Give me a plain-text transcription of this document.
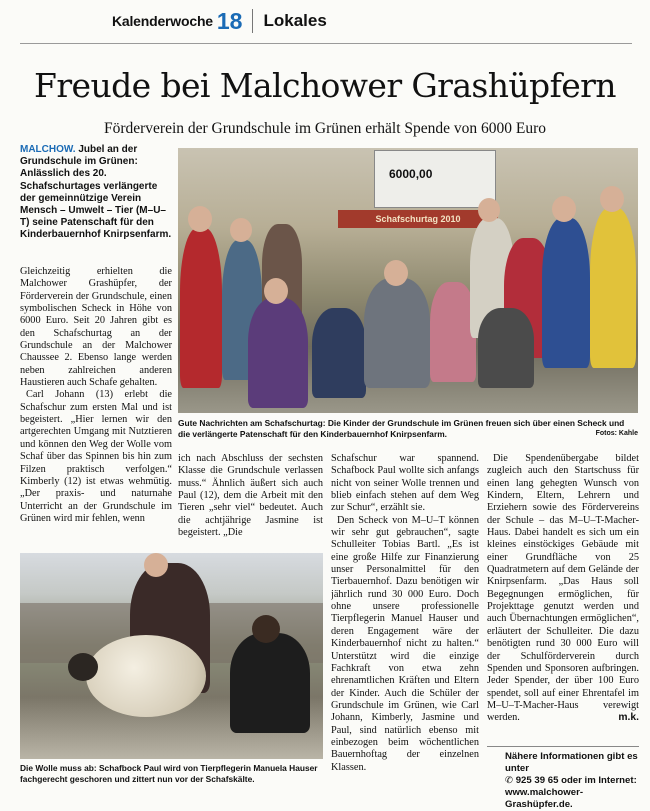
Kalenderwoche 18 Lokales
Freude bei Malchower Grashüpfern
Förderverein der Grundschule im Grünen erhält Spende von 6000 Euro
MALCHOW. Jubel an der Grundschule im Grünen: Anlässlich des 20. Schafschurtages verlängerte der gemeinnützige Verein Mensch – Umwelt – Tier (M–U–T) seine Patenschaft für den Kinderbauernhof Knirpsenfarm.

Gleichzeitig erhielten die Malchower Grashüpfer, der Förderverein der Grundschule, einen symbolischen Scheck in Höhe von 6000 Euro. Seit 20 Jahren gibt es den Schafschurtag an der Grundschule an der Malchower Chaussee 2. Ebenso lange werden neben zahlreichen anderen Haustieren auch Schafe gehalten.

Carl Johann (13) erlebt die Schafschur zum ersten Mal und ist begeistert. „Hier lernen wir den artgerechten Umgang mit Nutztieren und können den Weg der Wolle vom Schaf über das Spinnen bis hin zum Filzen praktisch verfolgen.“ Kimberly (12) ist etwas wehmütig. „Der praxis- und naturnahe Unterricht an der Grundschule im Grünen wird mir fehlen, wenn

6000,00
Schafschurtag 2010
Gute Nachrichten am Schafschurtag: Die Kinder der Grundschule im Grünen freuen sich über einen Scheck und die verlängerte Patenschaft für den Kinderbauernhof Knirpsenfarm.	Fotos: Kahle

ich nach Abschluss der sechsten Klasse die Grundschule verlassen muss.“ Ähnlich äußert sich auch Paul (12), dem die Arbeit mit den Tieren „sehr viel“ bedeutet. Auch die achtjährige Jasmine ist begeistert. „Die

Schafschur war spannend. Schafbock Paul wollte sich anfangs nicht von seiner Wolle trennen und blieb einfach stehen auf dem Weg zur Schur“, erzählt sie.

Den Scheck von M–U–T können wir sehr gut gebrauchen“, sagte Schulleiter Tobias Bartl. „Es ist eine große Hilfe zur Finanzierung unser Personalmittel für den Tierbauernhof. Dazu benötigen wir jährlich rund 30 000 Euro. Doch ohne unsere professionelle Tierpflegerin Manuel Hauser und deren Engagement wäre der Kinderbauernhof nicht zu halten.“ Unterstützt wird die einzige Fachkraft von etwa zehn ehrenamtlichen Kräften und Eltern der Kinder. Auch die Schüler der Grundschule im Grünen, wie Carl Johann, Kimberly, Jasmine und Paul, sind natürlich ebenso mit einbezogen beim wöchentlichen Bauernhoftag der einzelnen Klassen.

Die Spendenübergabe bildet zugleich auch den Startschuss für einen lang gehegten Wunsch von Kindern, Eltern, Lehrern und Erziehern sowie des Fördervereins der Schule – das M–U–T-Macher-Haus. Dabei handelt es sich um ein kleines einstöckiges Gebäude mit einer Grundfläche von 25 Quadratmetern auf dem Gelände der Knirpsenfarm. „Das Haus soll Begegnungen ermöglichen, für Projekttage genutzt werden und auch Übernachtungen ermöglichen“, erläutert der Schulleiter. Die dazu benötigten rund 30 000 Euro will der Schulförderverein durch Spenden und Sponsoren aufbringen. Jeder Spender, der über 100 Euro spendet, soll auf einer Ehrentafel im M–U–T-Macher-Haus verewigt werden.	m.k.

Nähere Informationen gibt es unter
✆ 925 39 65 oder im Internet:
www.malchower-Grashüpfer.de.
Die Wolle muss ab: Schafbock Paul wird von Tierpflegerin Manuela Hauser fachgerecht geschoren und zittert nun vor der Schafskälte.
